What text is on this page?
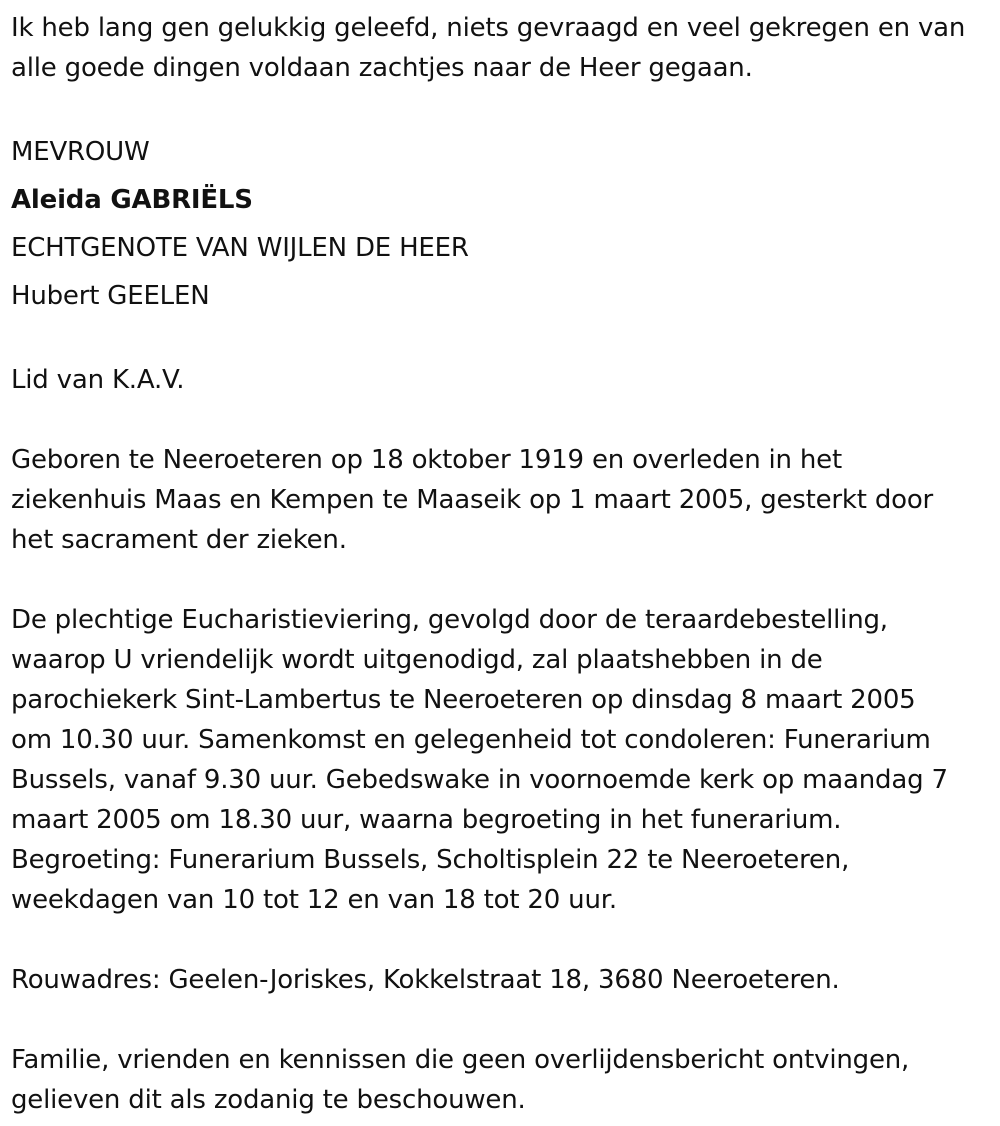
Ik heb lang gen gelukkig geleefd, niets gevraagd en veel gekregen en van
alle goede dingen voldaan zachtjes naar de Heer gegaan.
MEVROUW
Aleida GABRIËLS
ECHTGENOTE VAN WIJLEN DE HEER
Hubert GEELEN
Lid van K.A.V.
Geboren te Neeroeteren op 18 oktober 1919 en overleden in het
ziekenhuis Maas en Kempen te Maaseik op 1 maart 2005, gesterkt door
het sacrament der zieken.
De plechtige Eucharistieviering, gevolgd door de teraardebestelling,
waarop U vriendelijk wordt uitgenodigd, zal plaatshebben in de
parochiekerk Sint-Lambertus te Neeroeteren op dinsdag 8 maart 2005
om 10.30 uur. Samenkomst en gelegenheid tot condoleren: Funerarium
Bussels, vanaf 9.30 uur. Gebedswake in voornoemde kerk op maandag 7
maart 2005 om 18.30 uur, waarna begroeting in het funerarium.
Begroeting: Funerarium Bussels, Scholtisplein 22 te Neeroeteren,
weekdagen van 10 tot 12 en van 18 tot 20 uur.
Rouwadres: Geelen-Joriskes, Kokkelstraat 18, 3680 Neeroeteren.
Familie, vrienden en kennissen die geen overlijdensbericht ontvingen,
gelieven dit als zodanig te beschouwen.
